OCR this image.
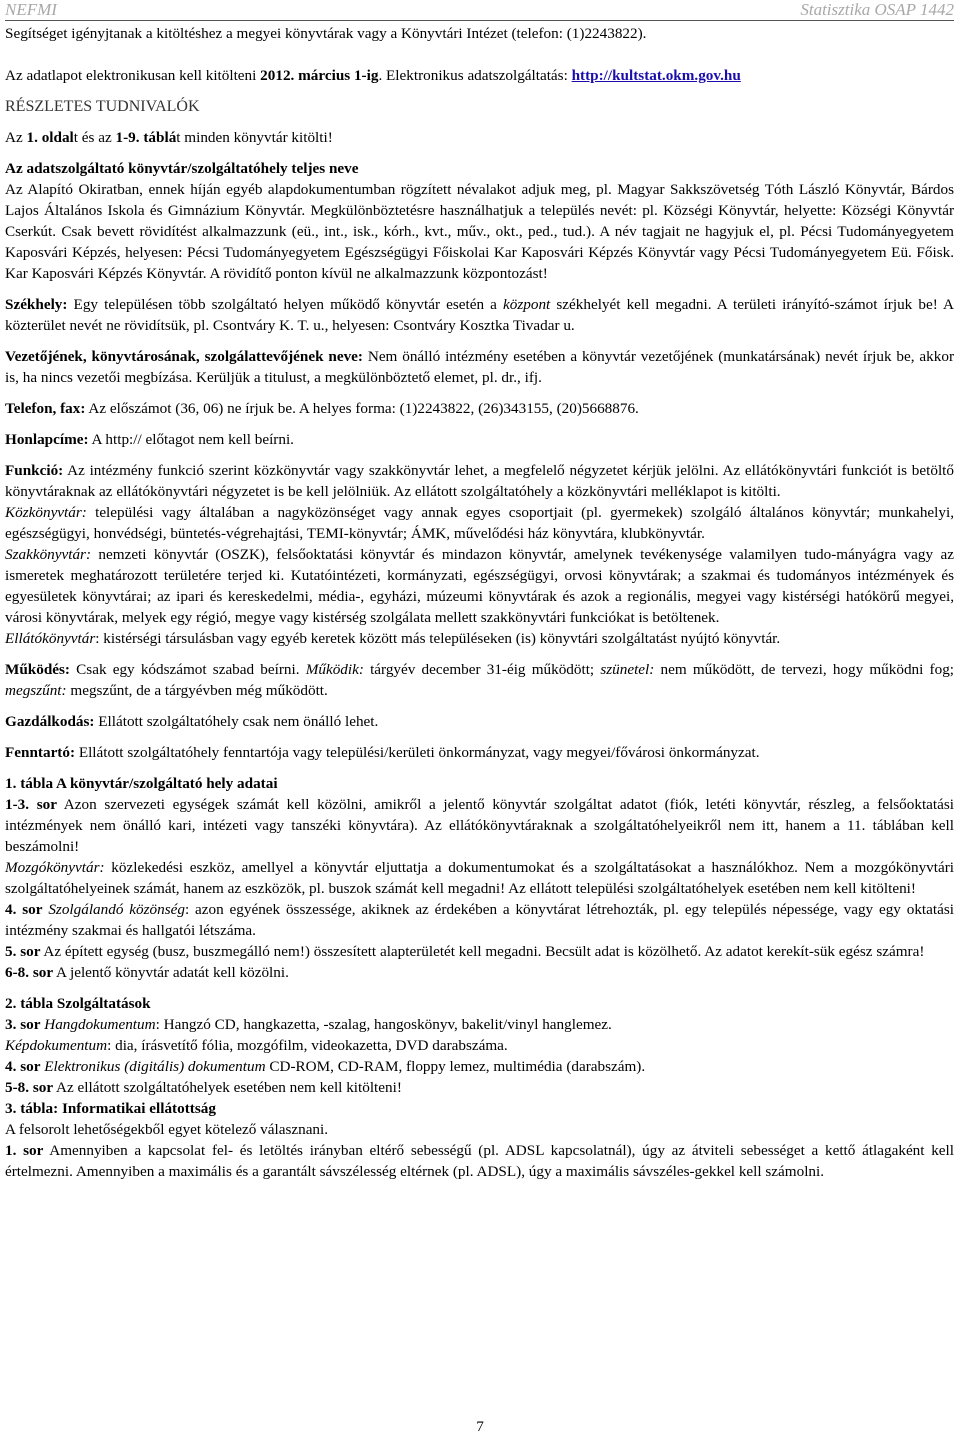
NEFMI	Statisztika OSAP 1442

Segítséget igényjtanak a kitöltéshez a megyei könyvtárak vagy a Könyvtári Intézet (telefon: (1)2243822).

Az adatlapot elektronikusan kell kitölteni 2012. március 1-ig. Elektronikus adatszolgáltatás: http://kultstat.okm.gov.hu

RÉSZLETES TUDNIVALÓK

Az 1. oldalt és az 1-9. táblát minden könyvtár kitölti!

Az adatszolgáltató könyvtár/szolgáltatóhely teljes neve

Az Alapító Okiratban, ennek híján egyéb alapdokumentumban rögzített névalakot adjuk meg, pl. Magyar Sakkszövetség Tóth László Könyvtár, Bárdos Lajos Általános Iskola és Gimnázium Könyvtár. Megkülönböztetésre használhatjuk a település nevét: pl. Községi Könyvtár, helyette: Községi Könyvtár Cserkút. Csak bevett rövidítést alkalmazzunk (eü., int., isk., kórh., kvt., műv., okt., ped., tud.). A név tagjait ne hagyjuk el, pl. Pécsi Tudományegyetem Kaposvári Képzés, helyesen: Pécsi Tudományegyetem Egészségügyi Főiskolai Kar Kaposvári Képzés Könyvtár vagy Pécsi Tudományegyetem Eü. Főisk. Kar Kaposvári Képzés Könyvtár. A rövidítő ponton kívül ne alkalmazzunk központozást!

Székhely: Egy településen több szolgáltató helyen működő könyvtár esetén a központ székhelyét kell megadni. A területi irányító-számot írjuk be! A közterület nevét ne rövidítsük, pl. Csontváry K. T. u., helyesen: Csontváry Kosztka Tivadar u.

Vezetőjének, könyvtárosának, szolgálattevőjének neve: Nem önálló intézmény esetében a könyvtár vezetőjének (munkatársának) nevét írjuk be, akkor is, ha nincs vezetői megbízása. Kerüljük a titulust, a megkülönböztető elemet, pl. dr., ifj.

Telefon, fax: Az előszámot (36, 06) ne írjuk be. A helyes forma: (1)2243822, (26)343155, (20)5668876.

Honlapcíme: A http:// előtagot nem kell beírni.

Funkció: Az intézmény funkció szerint közkönyvtár vagy szakkönyvtár lehet, a megfelelő négyzetet kérjük jelölni. Az ellátókönyvtári funkciót is betöltő könyvtáraknak az ellátókönyvtári négyzetet is be kell jelölniük. Az ellátott szolgáltatóhely a közkönyvtári melléklapot is kitölti.

Közkönyvtár: települési vagy általában a nagyközönséget vagy annak egyes csoportjait (pl. gyermekek) szolgáló általános könyvtár; munkahelyi, egészségügyi, honvédségi, büntetés-végrehajtási, TEMI-könyvtár; ÁMK, művelődési ház könyvtára, klubkönyvtár.

Szakkönyvtár: nemzeti könyvtár (OSZK), felsőoktatási könyvtár és mindazon könyvtár, amelynek tevékenysége valamilyen tudo-mányágra vagy az ismeretek meghatározott területére terjed ki. Kutatóintézeti, kormányzati, egészségügyi, orvosi könyvtárak; a szakmai és tudományos intézmények és egyesületek könyvtárai; az ipari és kereskedelmi, média-, egyházi, múzeumi könyvtárak és azok a regionális, megyei vagy kistérségi hatókörű megyei, városi könyvtárak, melyek egy régió, megye vagy kistérség szolgálata mellett szakkönyvtári funkciókat is betöltenek.

Ellátókönyvtár: kistérségi társulásban vagy egyéb keretek között más településeken (is) könyvtári szolgáltatást nyújtó könyvtár.

Működés: Csak egy kódszámot szabad beírni. Működik: tárgyév december 31-éig működött; szünetel: nem működött, de tervezi, hogy működni fog; megszűnt: megszűnt, de a tárgyévben még működött.

Gazdálkodás: Ellátott szolgáltatóhely csak nem önálló lehet.

Fenntartó: Ellátott szolgáltatóhely fenntartója vagy települési/kerületi önkormányzat, vagy megyei/fővárosi önkormányzat.

1. tábla A könyvtár/szolgáltató hely adatai

1-3. sor Azon szervezeti egységek számát kell közölni, amikről a jelentő könyvtár szolgáltat adatot (fiók, letéti könyvtár, részleg, a felsőoktatási intézmények nem önálló kari, intézeti vagy tanszéki könyvtára). Az ellátókönyvtáraknak a szolgáltatóhelyeikről nem itt, hanem a 11. táblában kell beszámolni!

Mozgókönyvtár: közlekedési eszköz, amellyel a könyvtár eljuttatja a dokumentumokat és a szolgáltatásokat a használókhoz. Nem a mozgókönyvtári szolgáltatóhelyeinek számát, hanem az eszközök, pl. buszok számát kell megadni! Az ellátott települési szolgáltatóhelyek esetében nem kell kitölteni!

4. sor Szolgálandó közönség: azon egyének összessége, akiknek az érdekében a könyvtárat létrehozták, pl. egy település népessége, vagy egy oktatási intézmény szakmai és hallgatói létszáma.

5. sor Az épített egység (busz, buszmegálló nem!) összesített alapterületét kell megadni. Becsült adat is közölhető. Az adatot kerekít-sük egész számra!

6-8. sor A jelentő könyvtár adatát kell közölni.

2. tábla Szolgáltatások

3. sor Hangdokumentum: Hangzó CD, hangkazetta, -szalag, hangoskönyv, bakelit/vinyl hanglemez.

Képdokumentum: dia, írásvetítő fólia, mozgófilm, videokazetta, DVD darabszáma.

4. sor Elektronikus (digitális) dokumentum CD-ROM, CD-RAM, floppy lemez, multimédia (darabszám).

5-8. sor Az ellátott szolgáltatóhelyek esetében nem kell kitölteni!

3. tábla: Informatikai ellátottság

A felsorolt lehetőségekből egyet kötelező válasznani.

1. sor Amennyiben a kapcsolat fel- és letöltés irányban eltérő sebességű (pl. ADSL kapcsolatnál), úgy az átviteli sebességet a kettő átlagaként kell értelmezni. Amennyiben a maximális és a garantált sávszélesség eltérnek (pl. ADSL), úgy a maximális sávszéles-gekkel kell számolni.

7
